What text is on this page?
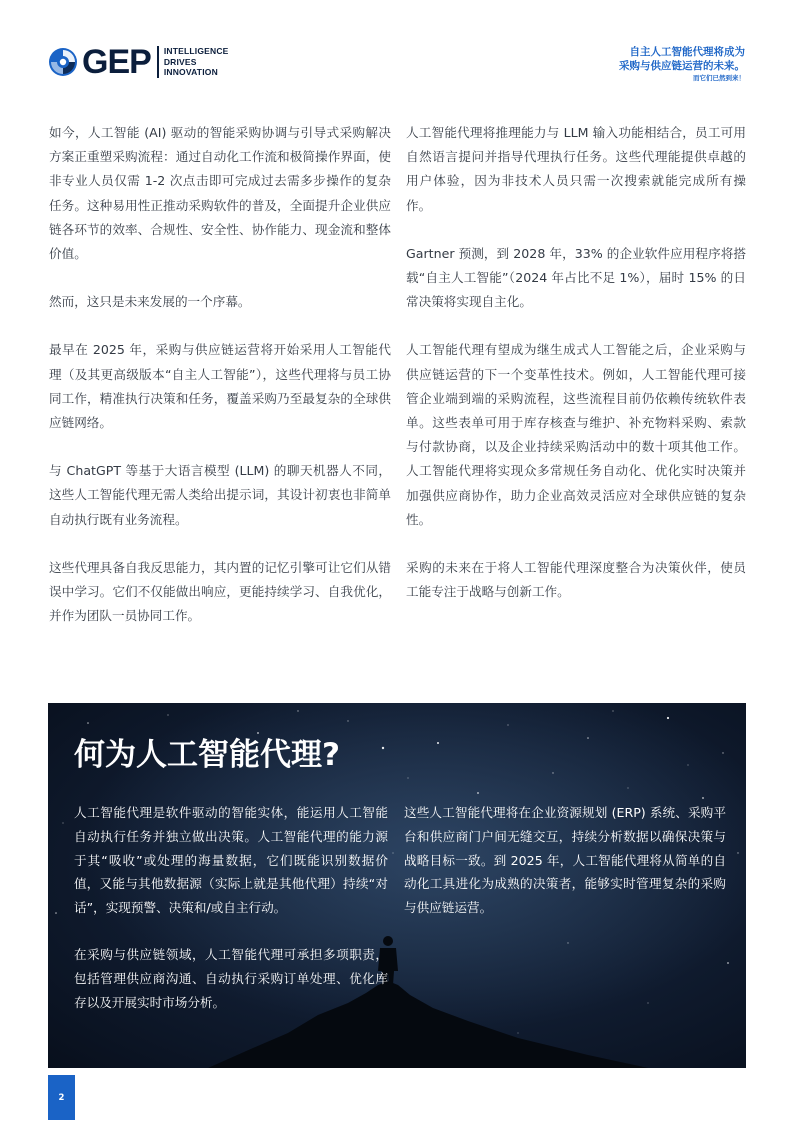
GEP INTELLIGENCE
DRIVES
INNOVATION
自主人工智能代理将成为
采购与供应链运营的未来。
而它们已然到来！

如今，人工智能 (AI) 驱动的智能采购协调与引导式采购解决方案正重塑采购流程：通过自动化工作流和极简操作界面，使非专业人员仅需 1-2 次点击即可完成过去需多步操作的复杂任务。这种易用性正推动采购软件的普及，全面提升企业供应链各环节的效率、合规性、安全性、协作能力、现金流和整体价值。

然而，这只是未来发展的一个序幕。

最早在 2025 年，采购与供应链运营将开始采用人工智能代理（及其更高级版本“自主人工智能”），这些代理将与员工协同工作，精准执行决策和任务，覆盖采购乃至最复杂的全球供应链网络。

与 ChatGPT 等基于大语言模型 (LLM) 的聊天机器人不同，这些人工智能代理无需人类给出提示词，其设计初衷也非简单自动执行既有业务流程。

这些代理具备自我反思能力，其内置的记忆引擎可让它们从错误中学习。它们不仅能做出响应，更能持续学习、自我优化，并作为团队一员协同工作。

人工智能代理将推理能力与 LLM 输入功能相结合，员工可用自然语言提问并指导代理执行任务。这些代理能提供卓越的用户体验，因为非技术人员只需一次搜索就能完成所有操作。

Gartner 预测，到 2028 年，33% 的企业软件应用程序将搭载“自主人工智能”（2024 年占比不足 1%），届时 15% 的日常决策将实现自主化。

人工智能代理有望成为继生成式人工智能之后，企业采购与供应链运营的下一个变革性技术。例如，人工智能代理可接管企业端到端的采购流程，这些流程目前仍依赖传统软件表单。这些表单可用于库存核查与维护、补充物料采购、索款与付款协商，以及企业持续采购活动中的数十项其他工作。人工智能代理将实现众多常规任务自动化、优化实时决策并加强供应商协作，助力企业高效灵活应对全球供应链的复杂性。

采购的未来在于将人工智能代理深度整合为决策伙伴，使员工能专注于战略与创新工作。

何为人工智能代理?

人工智能代理是软件驱动的智能实体，能运用人工智能自动执行任务并独立做出决策。人工智能代理的能力源于其“吸收”或处理的海量数据，它们既能识别数据价值，又能与其他数据源（实际上就是其他代理）持续“对话”，实现预警、决策和/或自主行动。

在采购与供应链领域，人工智能代理可承担多项职责，包括管理供应商沟通、自动执行采购订单处理、优化库存以及开展实时市场分析。

这些人工智能代理将在企业资源规划 (ERP) 系统、采购平台和供应商门户间无缝交互，持续分析数据以确保决策与战略目标一致。到 2025 年，人工智能代理将从简单的自动化工具进化为成熟的决策者，能够实时管理复杂的采购与供应链运营。

2
